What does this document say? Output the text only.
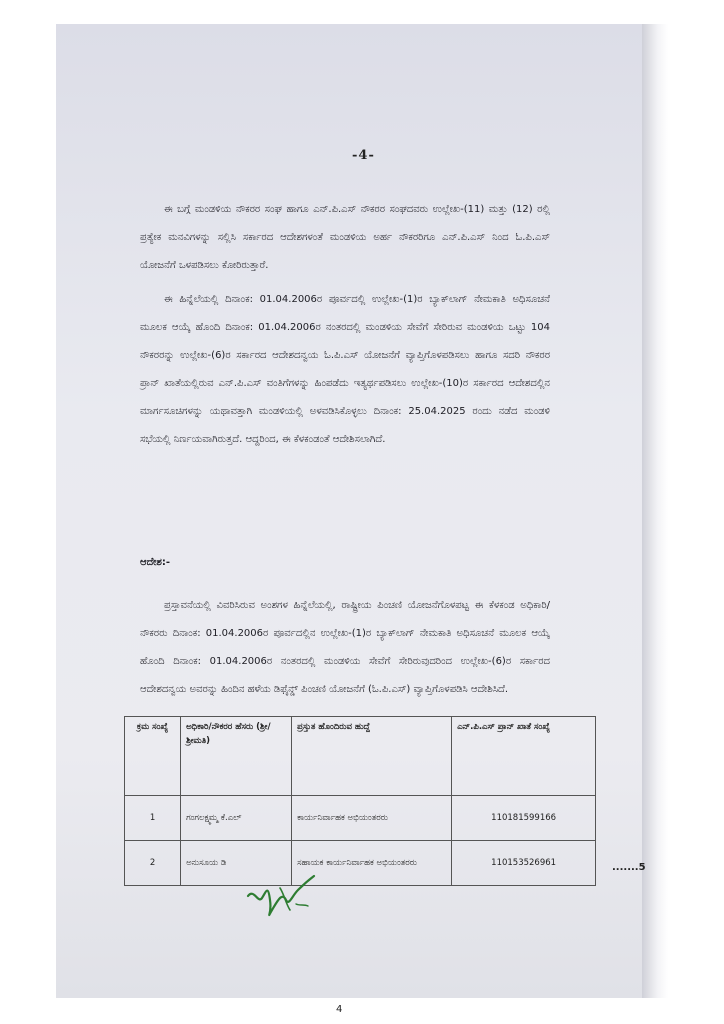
-4-

ಈ ಬಗ್ಗೆ ಮಂಡಳಿಯ ನೌಕರರ ಸಂಘ ಹಾಗೂ ಎನ್.ಪಿ.ಎಸ್ ನೌಕರರ ಸಂಘದವರು ಉಲ್ಲೇಖ-(11) ಮತ್ತು (12) ರಲ್ಲಿ ಪ್ರತ್ಯೇಕ ಮನವಿಗಳನ್ನು ಸಲ್ಲಿಸಿ ಸರ್ಕಾರದ ಆದೇಶಗಳಂತೆ ಮಂಡಳಿಯ ಅರ್ಹ ನೌಕರರಿಗೂ ಎನ್.ಪಿ.ಎಸ್ ನಿಂದ ಓ.ಪಿ.ಎಸ್ ಯೋಜನೆಗೆ ಒಳಪಡಿಸಲು ಕೋರಿರುತ್ತಾರೆ.

ಈ ಹಿನ್ನೆಲೆಯಲ್ಲಿ ದಿನಾಂಕ: 01.04.2006ರ ಪೂರ್ವದಲ್ಲಿ ಉಲ್ಲೇಖ-(1)ರ ಬ್ಯಾಕ್‌ಲಾಗ್ ನೇಮಕಾತಿ ಅಧಿಸೂಚನೆ ಮೂಲಕ ಆಯ್ಕೆ ಹೊಂದಿ ದಿನಾಂಕ: 01.04.2006ರ ನಂತರದಲ್ಲಿ ಮಂಡಳಿಯ ಸೇವೆಗೆ ಸೇರಿರುವ ಮಂಡಳಿಯ ಒಟ್ಟು 104 ನೌಕರರನ್ನು ಉಲ್ಲೇಖ-(6)ರ ಸರ್ಕಾರದ ಆದೇಶದನ್ವಯ ಓ.ಪಿ.ಎಸ್ ಯೋಜನೆಗೆ ವ್ಯಾಪ್ತಿಗೊಳಪಡಿಸಲು ಹಾಗೂ ಸದರಿ ನೌಕರರ ಪ್ರಾನ್ ಖಾತೆಯಲ್ಲಿರುವ ಎನ್.ಪಿ.ಎಸ್ ವಂತಿಗೆಗಳನ್ನು ಹಿಂಪಡೆದು ಇತ್ಯರ್ಥಪಡಿಸಲು ಉಲ್ಲೇಖ-(10)ರ ಸರ್ಕಾರದ ಆದೇಶದಲ್ಲಿನ ಮಾರ್ಗಸೂಚಿಗಳನ್ನು ಯಥಾವತ್ತಾಗಿ ಮಂಡಳಿಯಲ್ಲಿ ಅಳವಡಿಸಿಕೊಳ್ಳಲು ದಿನಾಂಕ: 25.04.2025 ರಂದು ನಡೆದ ಮಂಡಳಿ ಸಭೆಯಲ್ಲಿ ನಿರ್ಣಯವಾಗಿರುತ್ತದೆ. ಆದ್ದರಿಂದ, ಈ ಕೆಳಕಂಡಂತೆ ಆದೇಶಿಸಲಾಗಿದೆ.

ಆದೇಶ:-

ಪ್ರಸ್ತಾವನೆಯಲ್ಲಿ ವಿವರಿಸಿರುವ ಅಂಶಗಳ ಹಿನ್ನೆಲೆಯಲ್ಲಿ, ರಾಷ್ಟ್ರೀಯ ಪಿಂಚಣಿ ಯೋಜನೆಗೊಳಪಟ್ಟ ಈ ಕೆಳಕಂಡ ಅಧಿಕಾರಿ/ ನೌಕರರು ದಿನಾಂಕ: 01.04.2006ರ ಪೂರ್ವದಲ್ಲಿನ ಉಲ್ಲೇಖ-(1)ರ ಬ್ಯಾಕ್‌ಲಾಗ್ ನೇಮಕಾತಿ ಅಧಿಸೂಚನೆ ಮೂಲಕ ಆಯ್ಕೆ ಹೊಂದಿ ದಿನಾಂಕ: 01.04.2006ರ ನಂತರದಲ್ಲಿ ಮಂಡಳಿಯ ಸೇವೆಗೆ ಸೇರಿರುವುದರಿಂದ ಉಲ್ಲೇಖ-(6)ರ ಸರ್ಕಾರದ ಆದೇಶದನ್ವಯ ಅವರನ್ನು ಹಿಂದಿನ ಹಳೆಯ ಡಿಫೈನ್ಡ್ ಪಿಂಚಣಿ ಯೋಜನೆಗೆ (ಓ.ಪಿ.ಎಸ್) ವ್ಯಾಪ್ತಿಗೊಳಪಡಿಸಿ ಆದೇಶಿಸಿದೆ.

ಕ್ರಮ ಸಂಖ್ಯೆ	ಅಧಿಕಾರಿ/ನೌಕರರ ಹೆಸರು (ಶ್ರೀ/ ಶ್ರೀಮತಿ)	ಪ್ರಸ್ತುತ ಹೊಂದಿರುವ ಹುದ್ದೆ	ಎನ್.ಪಿ.ಎಸ್ ಪ್ರಾನ್ ಖಾತೆ ಸಂಖ್ಯೆ
1	ಗಂಗಲಕ್ಷ್ಮಮ್ಮ ಕೆ.ಎಲ್	ಕಾರ್ಯನಿರ್ವಾಹಕ ಅಭಿಯಂತರರು	110181599166
2	ಅನುಸೂಯ ಡಿ	ಸಹಾಯಕ ಕಾರ್ಯನಿರ್ವಾಹಕ ಅಭಿಯಂತರರು	110153526961	.......5
4
